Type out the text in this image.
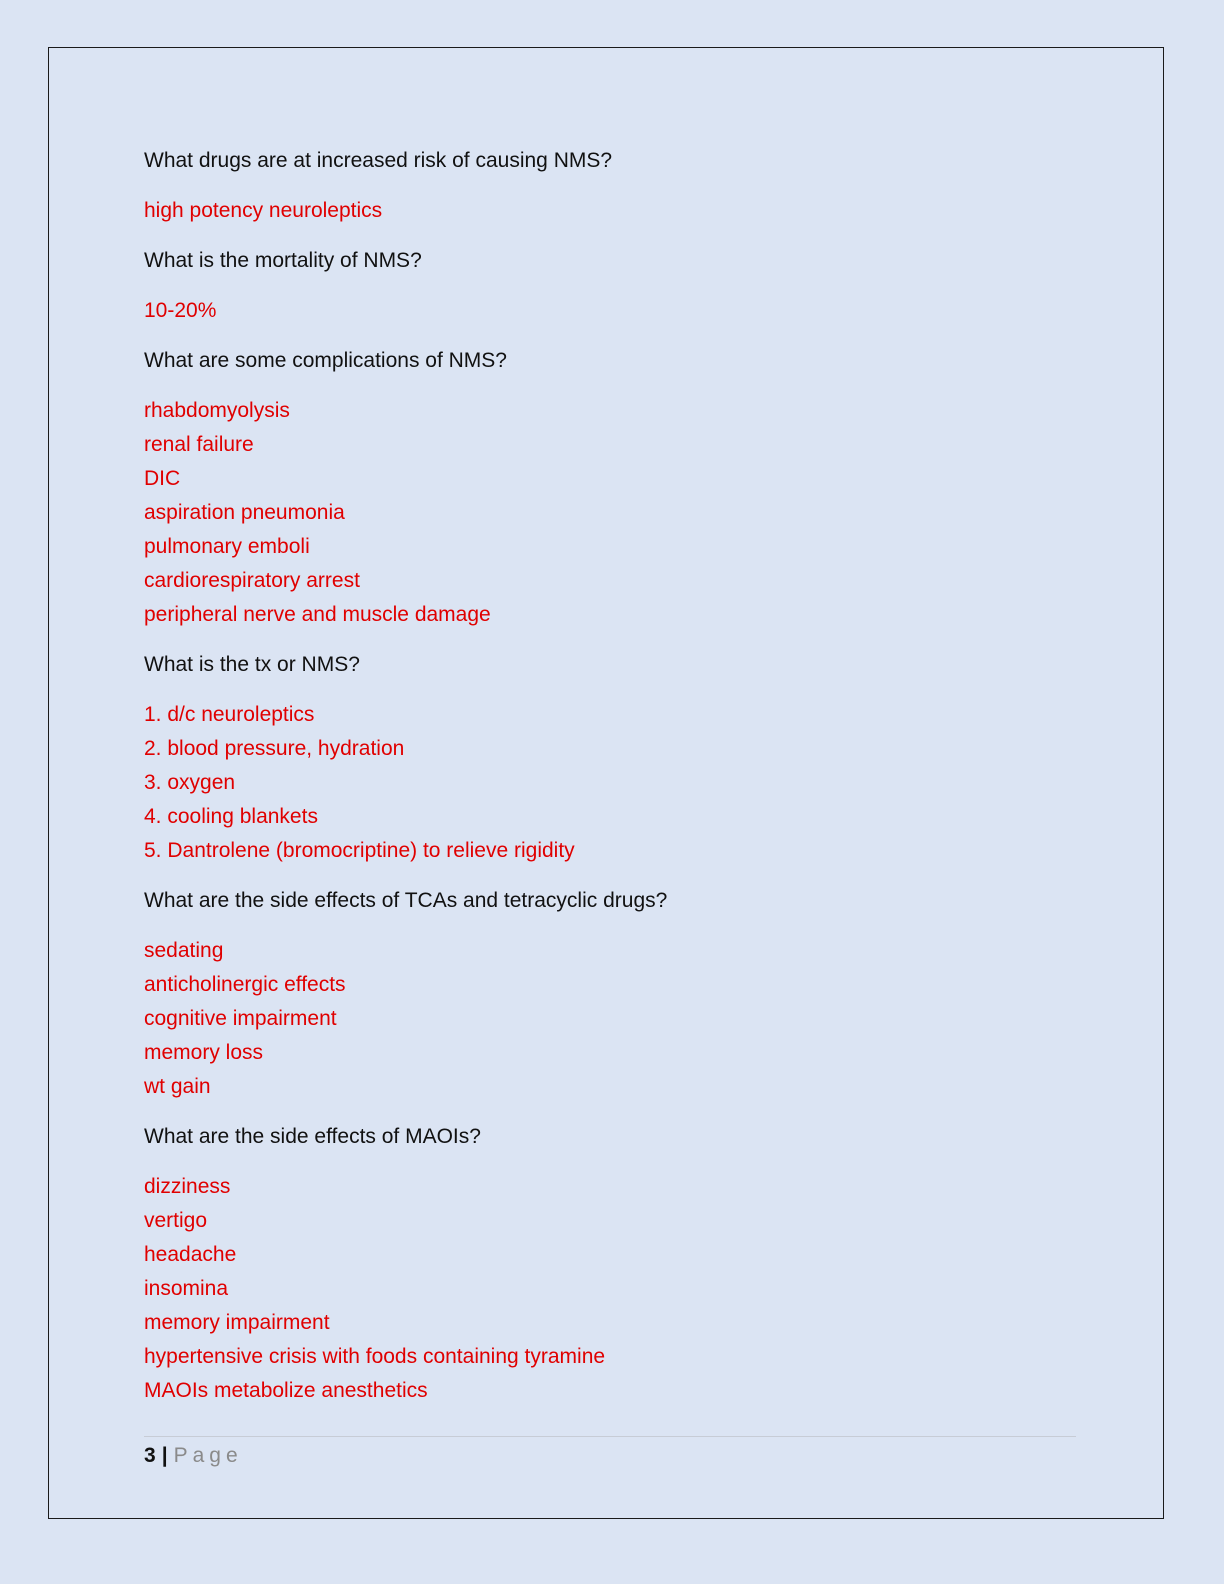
What drugs are at increased risk of causing NMS?
high potency neuroleptics
What is the mortality of NMS?
10-20%
What are some complications of NMS?
rhabdomyolysis
renal failure
DIC
aspiration pneumonia
pulmonary emboli
cardiorespiratory arrest
peripheral nerve and muscle damage
What is the tx or NMS?
1. d/c neuroleptics
2. blood pressure, hydration
3. oxygen
4. cooling blankets
5. Dantrolene (bromocriptine) to relieve rigidity
What are the side effects of TCAs and tetracyclic drugs?
sedating
anticholinergic effects
cognitive impairment
memory loss
wt gain
What are the side effects of MAOIs?
dizziness
vertigo
headache
insomina
memory impairment
hypertensive crisis with foods containing tyramine
MAOIs metabolize anesthetics
3 | Page
